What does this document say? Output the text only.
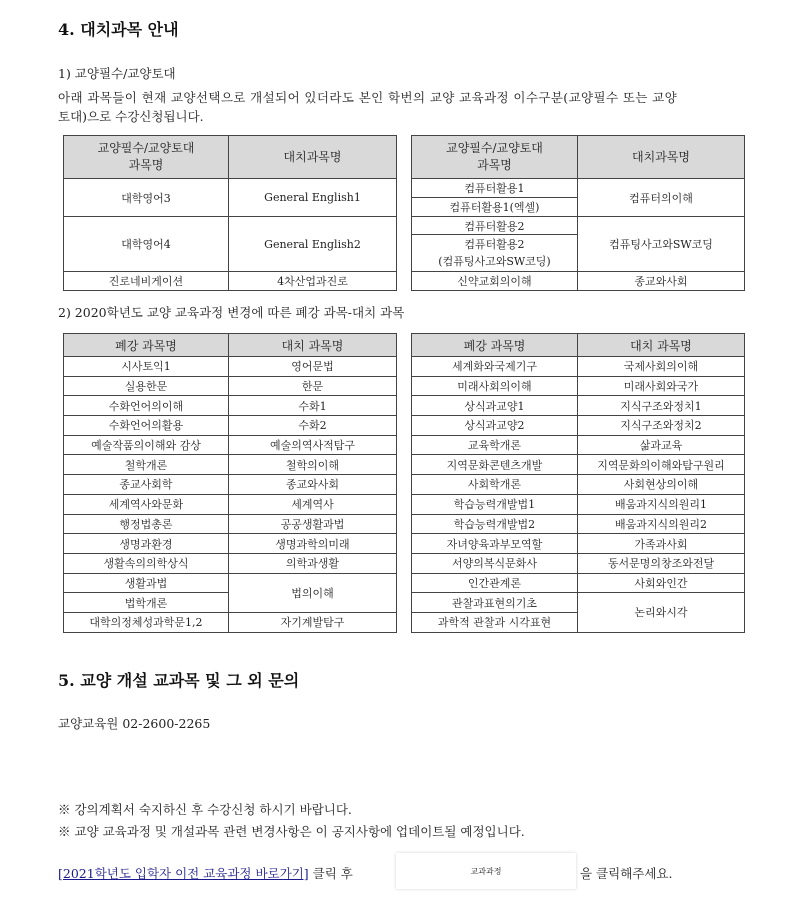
4. 대치과목 안내
1) 교양필수/교양토대
아래 과목들이 현재 교양선택으로 개설되어 있더라도 본인 학번의 교양 교육과정 이수구분(교양필수 또는 교양
토대)으로 수강신청됩니다.
교양필수/교양토대
과목명	대치과목명
대학영어3	General English1
대학영어4	General English2
진로네비게이션	4차산업과진로
교양필수/교양토대
과목명	대치과목명
컴퓨터활용1	컴퓨터의이해
컴퓨터활용1(엑셀)	
컴퓨터활용2	컴퓨팅사고와SW코딩
컴퓨터활용2
(컴퓨팅사고와SW코딩)	
신약교회의이해	종교와사회
2) 2020학년도 교양 교육과정 변경에 따른 폐강 과목-대치 과목
폐강 과목명	대치 과목명
시사토익1	영어문법
실용한문	한문
수화언어의이해	수화1
수화언어의활용	수화2
예술작품의이해와 감상	예술의역사적탐구
철학개론	철학의이해
종교사회학	종교와사회
세계역사와문화	세계역사
행정법총론	공공생활과법
생명과환경	생명과학의미래
생활속의의학상식	의학과생활
생활과법	법의이해
법학개론	
대학의정체성과학문1,2	자기계발탐구
폐강 과목명	대치 과목명
세계화와국제기구	국제사회의이해
미래사회의이해	미래사회와국가
상식과교양1	지식구조와정치1
상식과교양2	지식구조와정치2
교육학개론	삶과교육
지역문화콘텐츠개발	지역문화의이해와탐구원리
사회학개론	사회현상의이해
학습능력개발법1	배움과지식의원리1
학습능력개발법2	배움과지식의원리2
자녀양육과부모역할	가족과사회
서양의복식문화사	동서문명의창조와전달
인간관계론	사회와인간
관찰과표현의기초	논리와시각
과학적 관찰과 시각표현	
5. 교양 개설 교과목 및 그 외 문의
교양교육원 02-2600-2265
※ 강의계획서 숙지하신 후 수강신청 하시기 바랍니다.
※ 교양 교육과정 및 개설과목 관련 변경사항은 이 공지사항에 업데이트될 예정입니다.
[2021학년도 입학자 이전 교육과정 바로가기] 클릭 후	교과과정	을 클릭해주세요.
